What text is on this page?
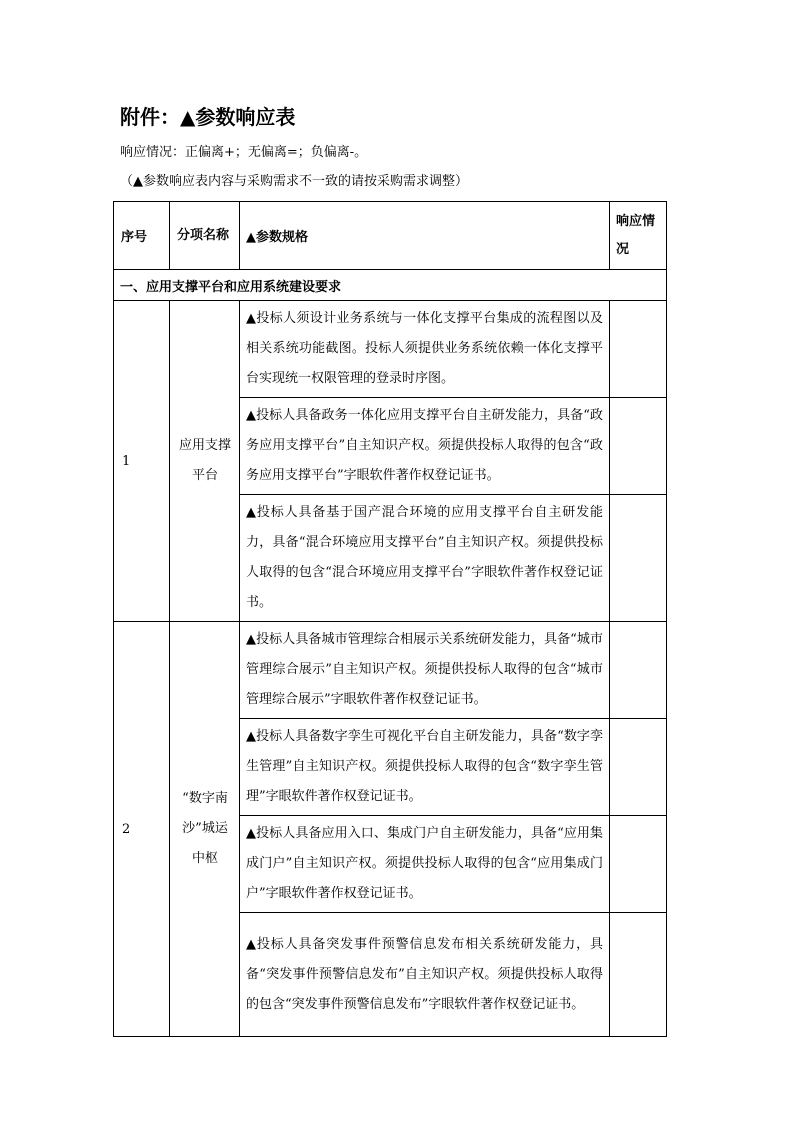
附件：▲参数响应表
响应情况：正偏离+；无偏离=；负偏离-。
（▲参数响应表内容与采购需求不一致的请按采购需求调整）
序号	分项名称	▲参数规格	响应情况
一、应用支撑平台和应用系统建设要求			
1	应用支撑平台	▲投标人须设计业务系统与一体化支撑平台集成的流程图以及相关系统功能截图。投标人须提供业务系统依赖一体化支撑平台实现统一权限管理的登录时序图。	
		▲投标人具备政务一体化应用支撑平台自主研发能力，具备“政务应用支撑平台”自主知识产权。须提供投标人取得的包含“政务应用支撑平台”字眼软件著作权登记证书。	
		▲投标人具备基于国产混合环境的应用支撑平台自主研发能力，具备“混合环境应用支撑平台”自主知识产权。须提供投标人取得的包含“混合环境应用支撑平台”字眼软件著作权登记证书。	
2	“数字南沙”城运中枢	▲投标人具备城市管理综合相展示关系统研发能力，具备“城市管理综合展示”自主知识产权。须提供投标人取得的包含“城市管理综合展示”字眼软件著作权登记证书。	
		▲投标人具备数字孪生可视化平台自主研发能力，具备“数字孪生管理”自主知识产权。须提供投标人取得的包含“数字孪生管理”字眼软件著作权登记证书。	
		▲投标人具备应用入口、集成门户自主研发能力，具备“应用集成门户”自主知识产权。须提供投标人取得的包含“应用集成门户”字眼软件著作权登记证书。	
		▲投标人具备突发事件预警信息发布相关系统研发能力，具备“突发事件预警信息发布”自主知识产权。须提供投标人取得的包含“突发事件预警信息发布”字眼软件著作权登记证书。	
